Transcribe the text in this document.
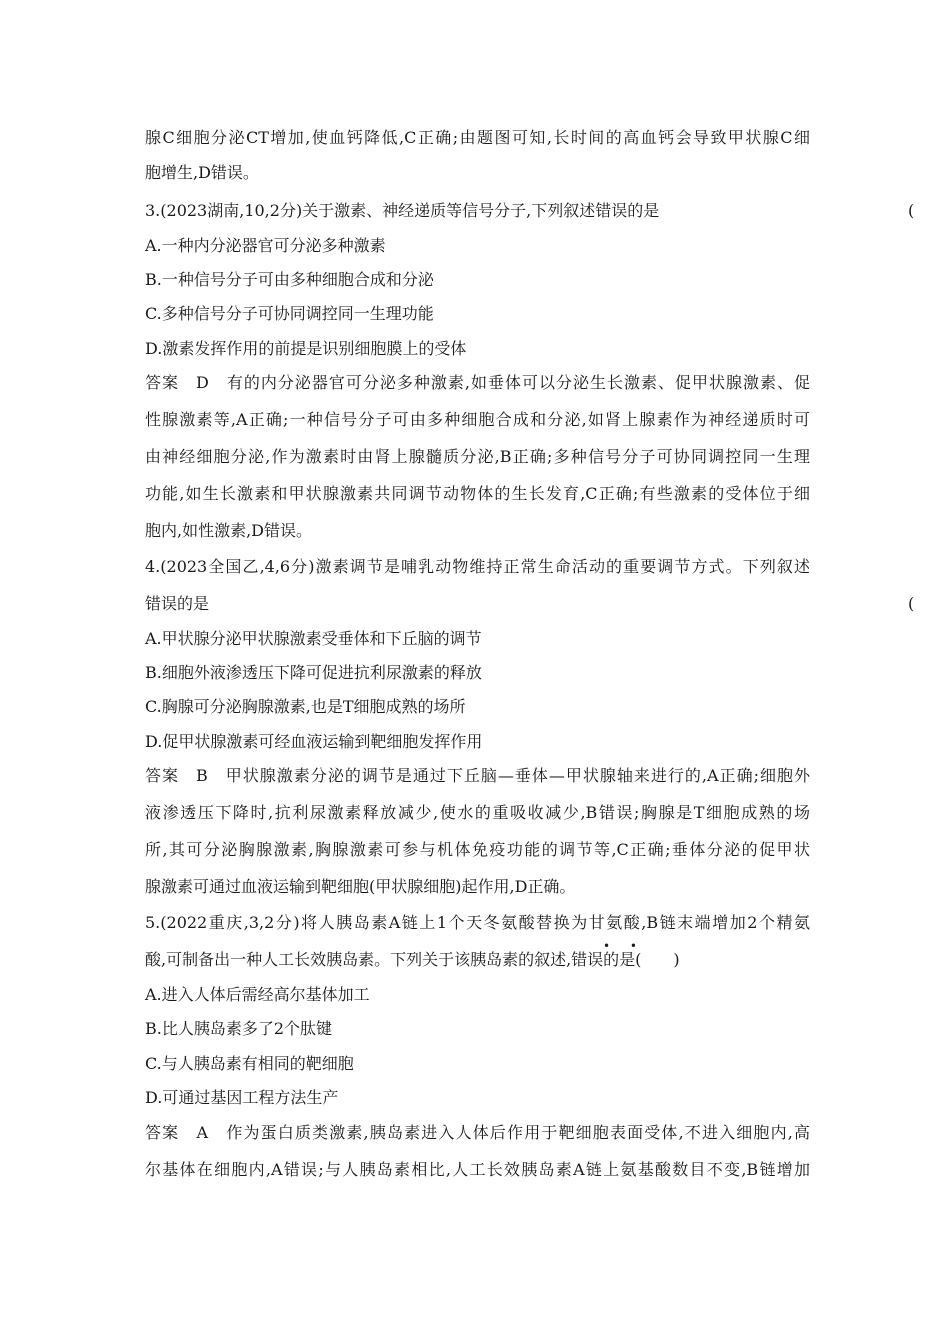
腺C细胞分泌CT增加,使血钙降低,C正确;由题图可知,长时间的高血钙会导致甲状腺C细
胞增生,D错误。
3.(2023湖南,10,2分)关于激素、神经递质等信号分子,下列叙述错误的是	(
A.一种内分泌器官可分泌多种激素
B.一种信号分子可由多种细胞合成和分泌
C.多种信号分子可协同调控同一生理功能
D.激素发挥作用的前提是识别细胞膜上的受体
答案　D　有的内分泌器官可分泌多种激素,如垂体可以分泌生长激素、促甲状腺激素、促
性腺激素等,A正确;一种信号分子可由多种细胞合成和分泌,如肾上腺素作为神经递质时可
由神经细胞分泌,作为激素时由肾上腺髓质分泌,B正确;多种信号分子可协同调控同一生理
功能,如生长激素和甲状腺激素共同调节动物体的生长发育,C正确;有些激素的受体位于细
胞内,如性激素,D错误。
4.(2023全国乙,4,6分)激素调节是哺乳动物维持正常生命活动的重要调节方式。下列叙述
错误的是	(
A.甲状腺分泌甲状腺激素受垂体和下丘脑的调节
B.细胞外液渗透压下降可促进抗利尿激素的释放
C.胸腺可分泌胸腺激素,也是T细胞成熟的场所
D.促甲状腺激素可经血液运输到靶细胞发挥作用
答案　B　甲状腺激素分泌的调节是通过下丘脑—垂体—甲状腺轴来进行的,A正确;细胞外
液渗透压下降时,抗利尿激素释放减少,使水的重吸收减少,B错误;胸腺是T细胞成熟的场
所,其可分泌胸腺激素,胸腺激素可参与机体免疫功能的调节等,C正确;垂体分泌的促甲状
腺激素可通过血液运输到靶细胞(甲状腺细胞)起作用,D正确。
5.(2022重庆,3,2分)将人胰岛素A链上1个天冬氨酸替换为甘氨酸,B链末端增加2个精氨
• •
酸,可制备出一种人工长效胰岛素。下列关于该胰岛素的叙述,错误的是(　　)
A.进入人体后需经高尔基体加工
B.比人胰岛素多了2个肽键
C.与人胰岛素有相同的靶细胞
D.可通过基因工程方法生产
答案　A　作为蛋白质类激素,胰岛素进入人体后作用于靶细胞表面受体,不进入细胞内,高
尔基体在细胞内,A错误;与人胰岛素相比,人工长效胰岛素A链上氨基酸数目不变,B链增加
